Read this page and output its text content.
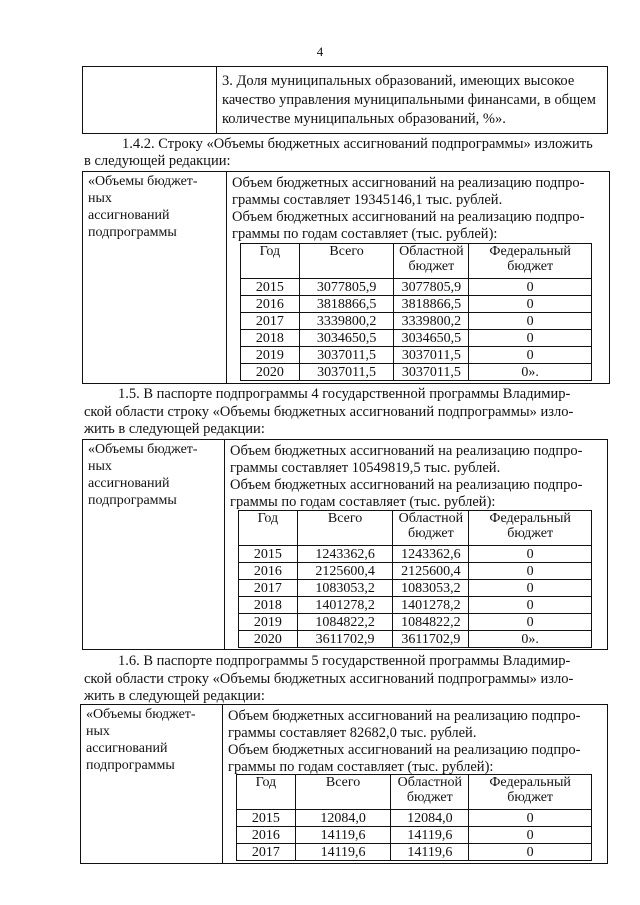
4
3. Доля муниципальных образований, имеющих высокое
качество управления муниципальными финансами, в общем
количестве муниципальных образований, %».
1.4.2. Строку «Объемы бюджетных ассигнований подпрограммы» изложить
в следующей редакции:
«Объемы бюджет-
ных
ассигнований
подпрограммы
Объем бюджетных ассигнований на реализацию подпро-
граммы составляет 19345146,1 тыс. рублей.
Объем бюджетных ассигнований на реализацию подпро-
граммы по годам составляет (тыс. рублей):
Год	Всего	Областной бюджет	Федеральный бюджет
2015	3077805,9	3077805,9	0
2016	3818866,5	3818866,5	0
2017	3339800,2	3339800,2	0
2018	3034650,5	3034650,5	0
2019	3037011,5	3037011,5	0
2020	3037011,5	3037011,5	0».
1.5. В паспорте подпрограммы 4 государственной программы Владимир-
ской области строку «Объемы бюджетных ассигнований подпрограммы» изло-
жить в следующей редакции:
«Объемы бюджет-
ных
ассигнований
подпрограммы
Объем бюджетных ассигнований на реализацию подпро-
граммы составляет 10549819,5 тыс. рублей.
Объем бюджетных ассигнований на реализацию подпро-
граммы по годам составляет (тыс. рублей):
Год	Всего	Областной бюджет	Федеральный бюджет
2015	1243362,6	1243362,6	0
2016	2125600,4	2125600,4	0
2017	1083053,2	1083053,2	0
2018	1401278,2	1401278,2	0
2019	1084822,2	1084822,2	0
2020	3611702,9	3611702,9	0».
1.6. В паспорте подпрограммы 5 государственной программы Владимир-
ской области строку «Объемы бюджетных ассигнований подпрограммы» изло-
жить в следующей редакции:
«Объемы бюджет-
ных
ассигнований
подпрограммы
Объем бюджетных ассигнований на реализацию подпро-
граммы составляет 82682,0 тыс. рублей.
Объем бюджетных ассигнований на реализацию подпро-
граммы по годам составляет (тыс. рублей):
Год	Всего	Областной бюджет	Федеральный бюджет
2015	12084,0	12084,0	0
2016	14119,6	14119,6	0
2017	14119,6	14119,6	0
